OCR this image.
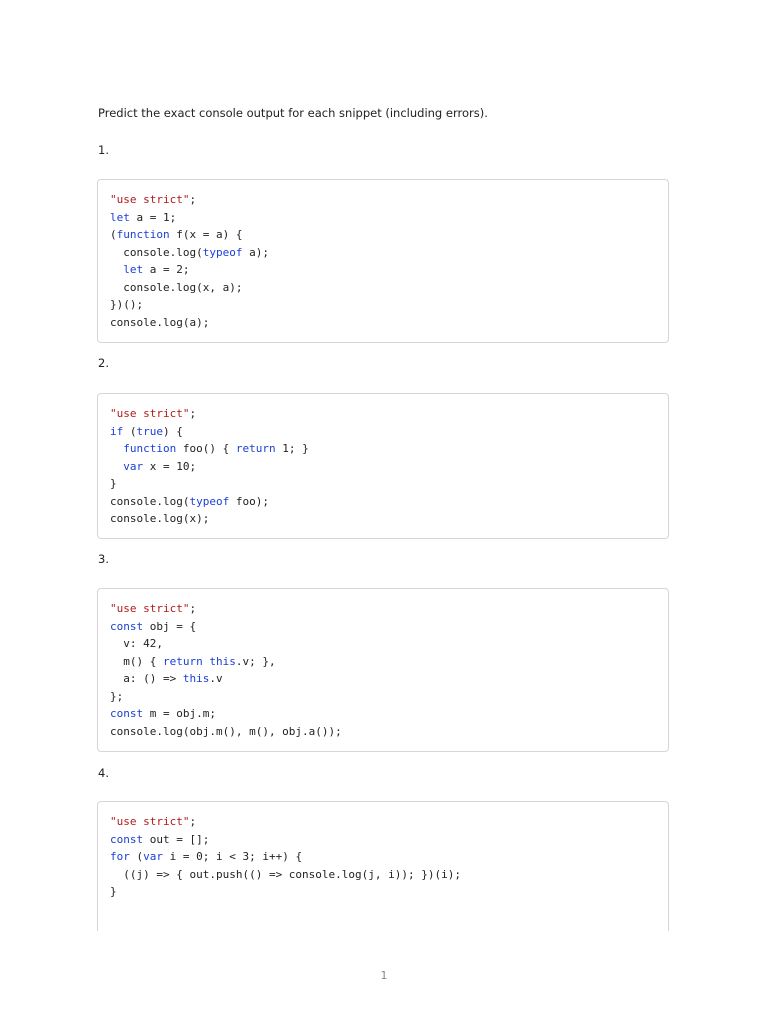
Predict the exact console output for each snippet (including errors).
1.
"use strict";
let a = 1;
(function f(x = a) {
console.log(typeof a);
let a = 2;
console.log(x, a);
})();
console.log(a);
2.
"use strict";
if (true) {
function foo() { return 1; }
var x = 10;
}
console.log(typeof foo);
console.log(x);
3.
"use strict";
const obj = {
v: 42,
m() { return this.v; },
a: () => this.v
};
const m = obj.m;
console.log(obj.m(), m(), obj.a());
4.
"use strict";
const out = [];
for (var i = 0; i < 3; i++) {
((j) => { out.push(() => console.log(j, i)); })(i);
}
1
